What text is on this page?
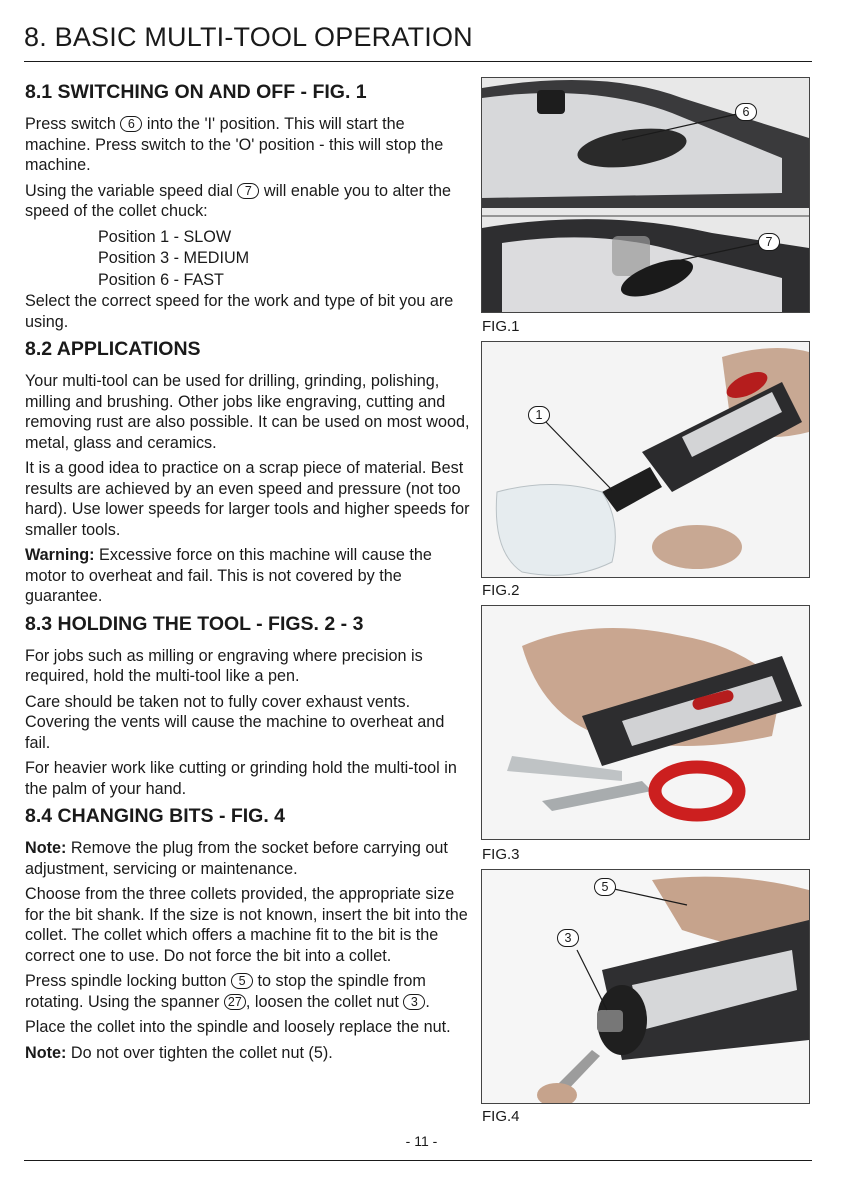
8. BASIC MULTI-TOOL OPERATION
8.1 SWITCHING ON AND OFF - FIG. 1

Press switch 6 into the 'I' position. This will start the machine. Press switch to the 'O' position - this will stop the machine.

Using the variable speed dial 7 will enable you to alter the speed of the collet chuck:

Position 1 - SLOW

Position 3 - MEDIUM

Position 6 - FAST

Select the correct speed for the work and type of bit you are using.

8.2 APPLICATIONS

Your multi-tool can be used for drilling, grinding, polishing, milling and brushing. Other jobs like engraving, cutting and removing rust are also possible. It can be used on most wood, metal, glass and ceramics.

It is a good idea to practice on a scrap piece of material. Best results are achieved by an even speed and pressure (not too hard). Use lower speeds for larger tools and higher speeds for smaller tools.

Warning: Excessive force on this machine will cause the motor to overheat and fail. This is not covered by the guarantee.

8.3 HOLDING THE TOOL - FIGS. 2 - 3

For jobs such as milling or engraving where precision is required, hold the multi-tool like a pen.

Care should be taken not to fully cover exhaust vents. Covering the vents will cause the machine to overheat and fail.

For heavier work like cutting or grinding hold the multi-tool in the palm of your hand.

8.4 CHANGING BITS - FIG. 4

Note: Remove the plug from the socket before carrying out adjustment, servicing or maintenance.

Choose from the three collets provided, the appropriate size for the bit shank. If the size is not known, insert the bit into the collet. The collet which offers a machine fit to the bit is the correct one to use. Do not force the bit into a collet.

Press spindle locking button 5 to stop the spindle from rotating. Using the spanner 27 , loosen the collet nut 3 .

Place the collet into the spindle and loosely replace the nut.

Note: Do not over tighten the collet nut (5).

6
7
FIG.1
1
FIG.2
FIG.3
5
3
FIG.4
- 11 -
